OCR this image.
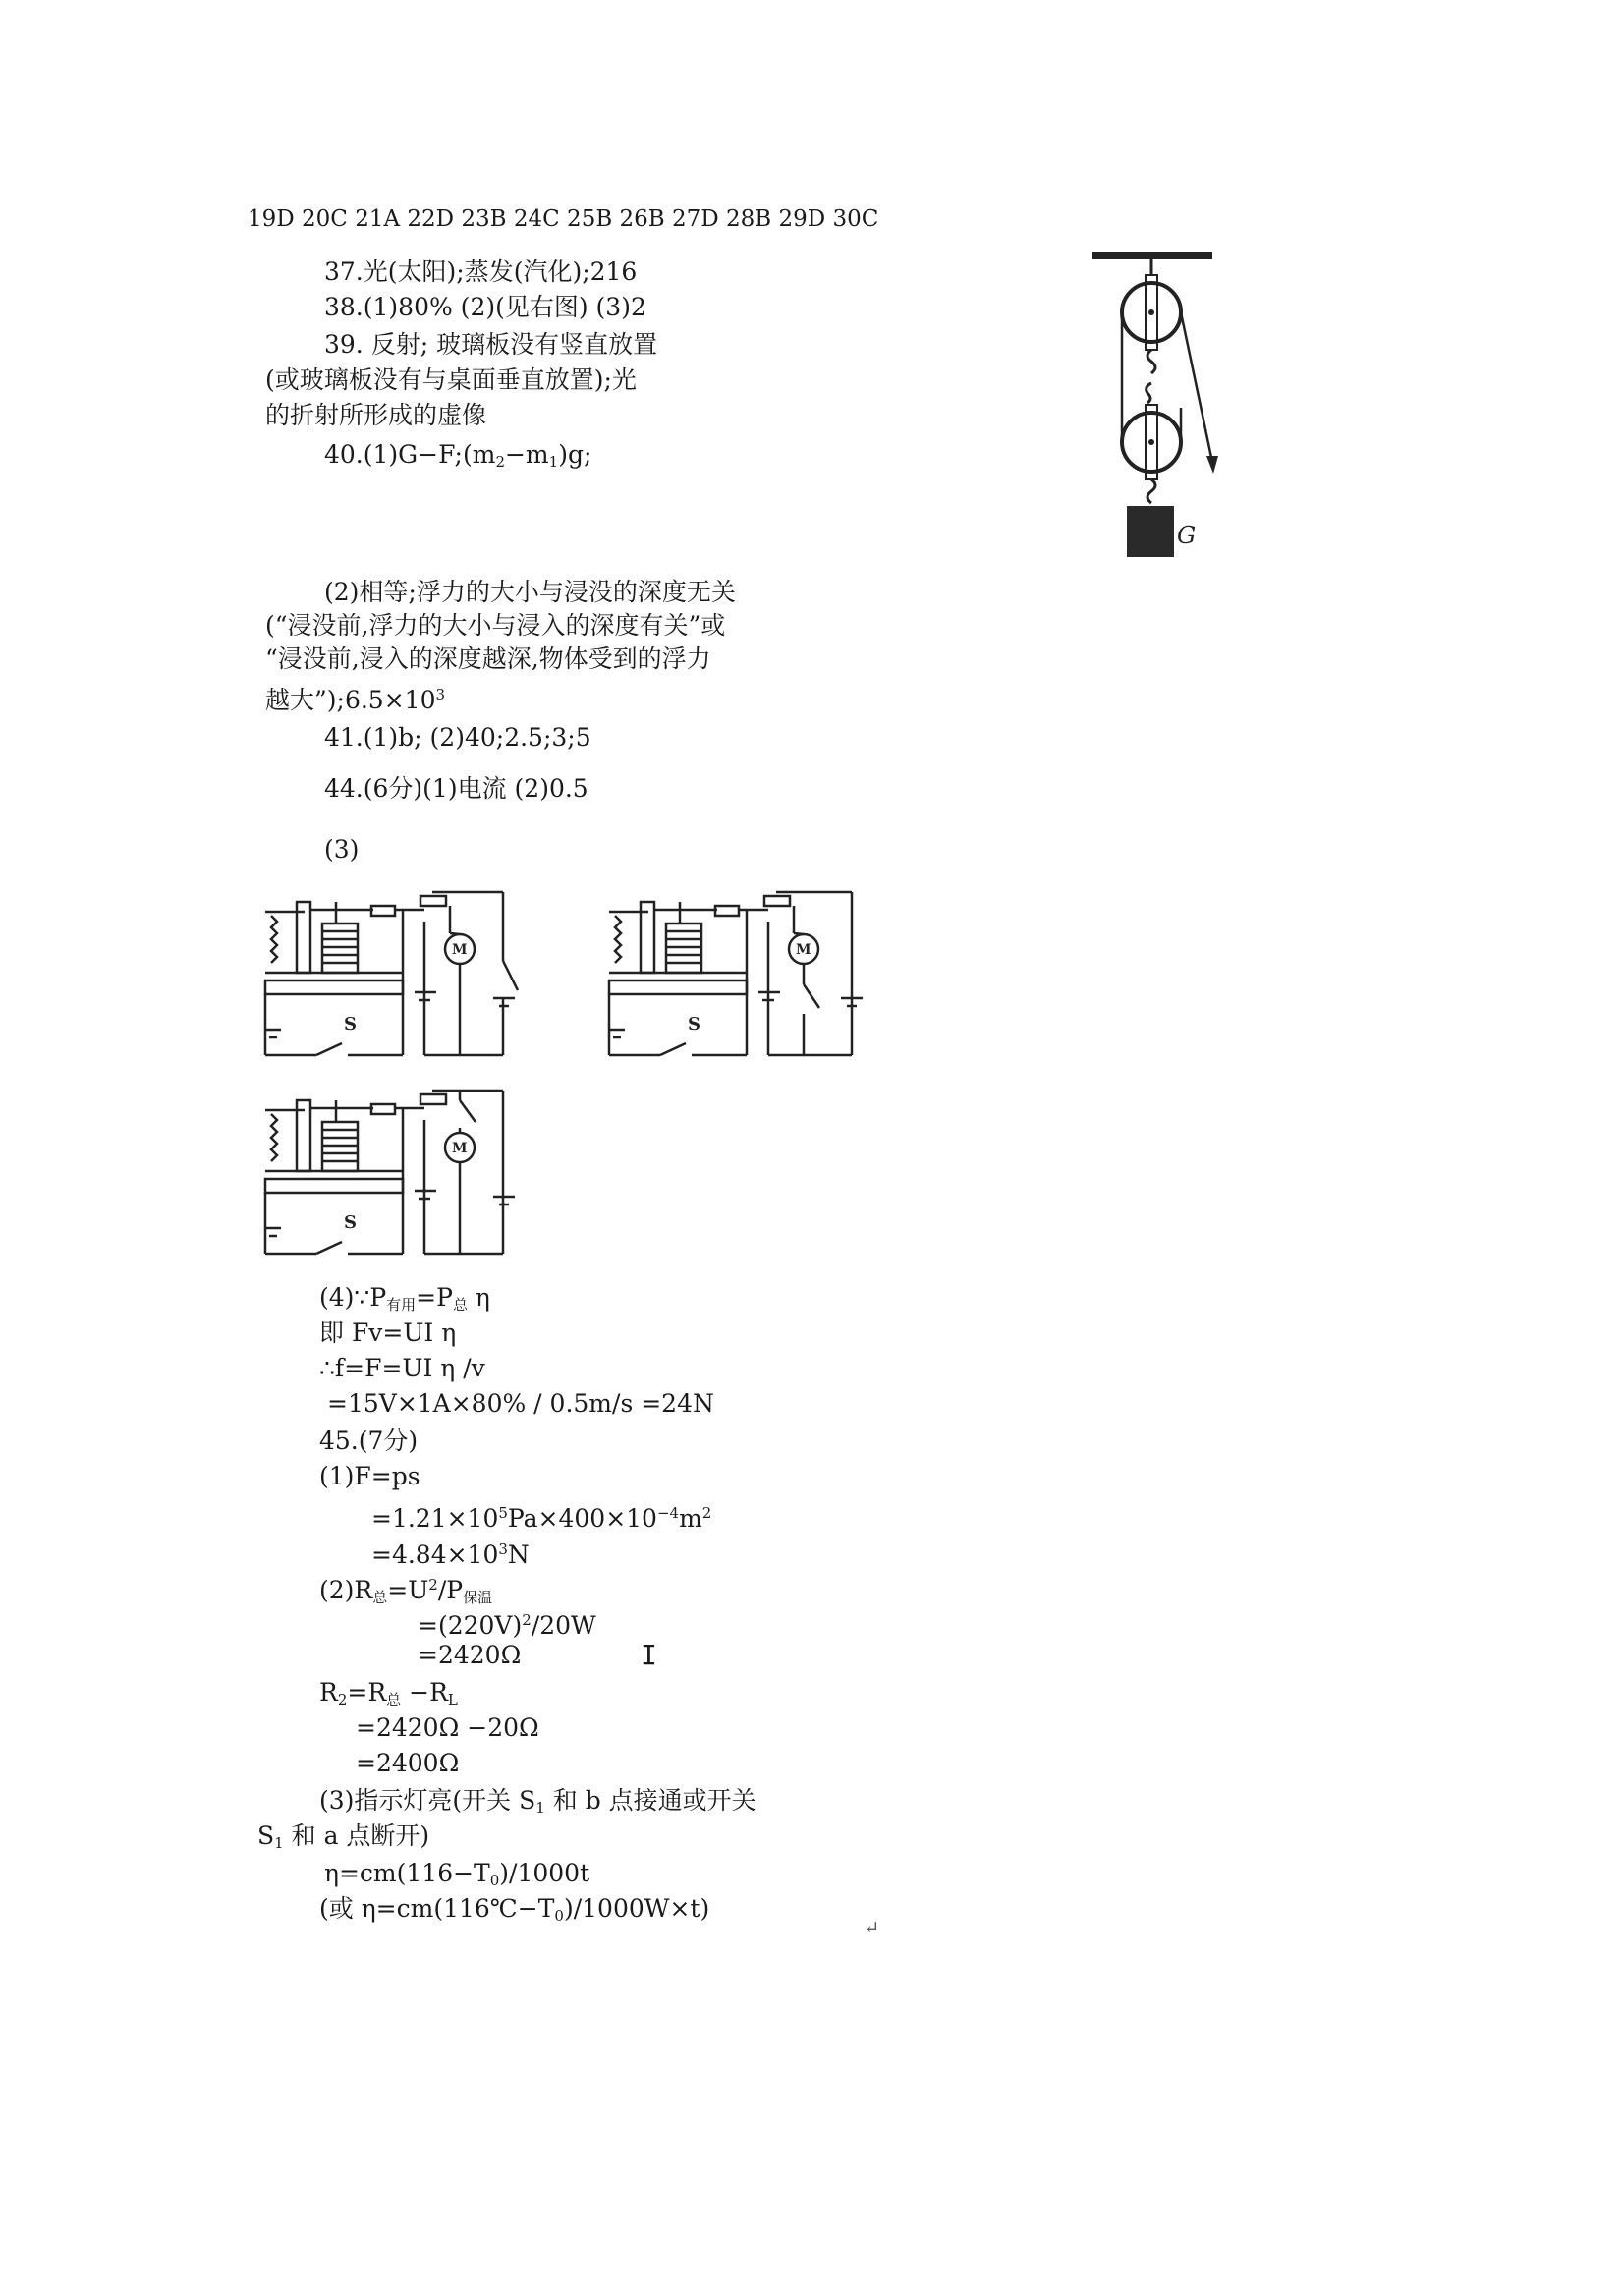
19D 20C 21A 22D 23B 24C 25B 26B 27D 28B 29D 30C
37.光(太阳);蒸发(汽化);216
38.(1)80% (2)(见右图) (3)2
39. 反射; 玻璃板没有竖直放置
(或玻璃板没有与桌面垂直放置);光
的折射所形成的虚像
$40.(1)G-F;(m_2-m_1)g$;
G
(2)相等;浮力的大小与浸没的深度无关
(“浸没前,浮力的大小与浸入的深度有关”或
“浸没前,浸入的深度越深,物体受到的浮力
越大$”);6.5\times 10^3$
41.(1)b; (2)40;2.5;3;5
44.(6分)(1)电流 (2)0.5
(3)
M
S
M
S
M
S
$(4)\because P_{有用}=P_总$ η
即 Fv=UI η
∴f=F=UI η /v
=15V×1A×80% / 0.5m/s =24N
45.(7分)
(1)F=ps
$=1.21\times 10^5Pa\times 400\times 10^{-4}m^2$
$=4.84\times 10^3N$
$(2)R_总=U^2/P_{保温}$
$=(220V)^2/20W$
=2420Ω	I
$R_2=R_总 -R_L$
=2420Ω −20Ω
=2400Ω
(3)指示灯亮(开关 $S_1$ 和 b 点接通或开关
$S_1$ 和 a 点断开)
$\eta=cm(116-T_0)/1000t$
(或 $\eta=cm(116℃-T_0)/1000W\times t$)
↵
